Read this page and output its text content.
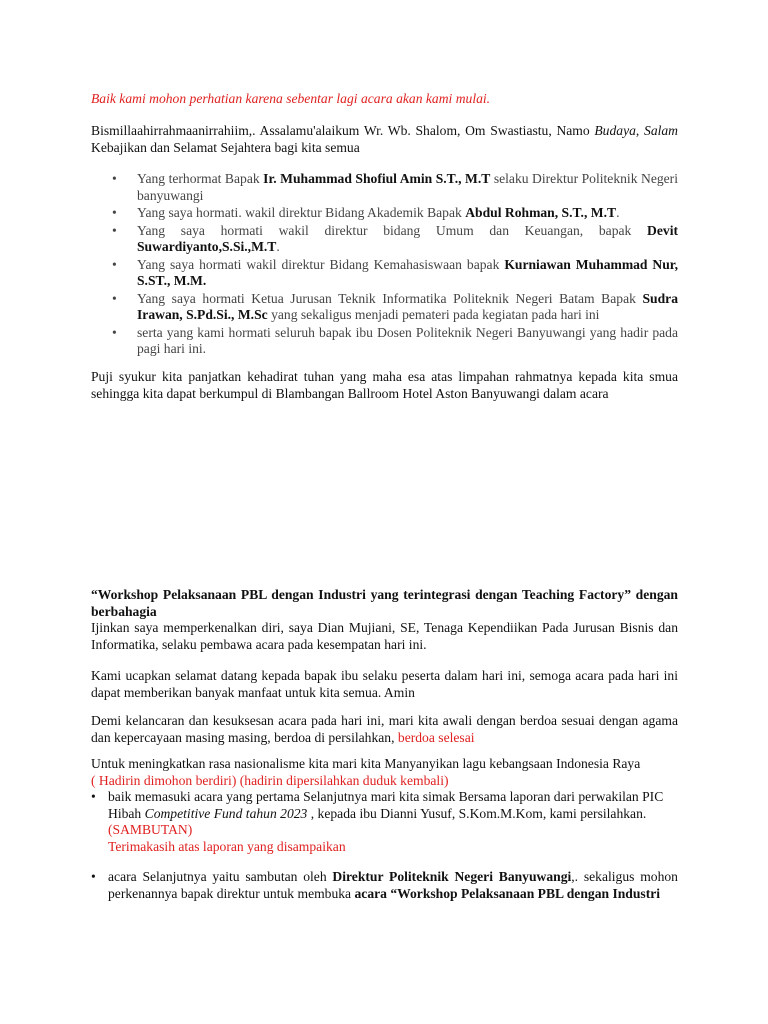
Baik kami mohon perhatian karena sebentar lagi acara akan kami mulai.
Bismillaahirrahmaanirrahiim,. Assalamu'alaikum Wr. Wb. Shalom, Om Swastiastu, Namo Budaya, Salam Kebajikan dan Selamat Sejahtera bagi kita semua
• Yang terhormat Bapak Ir. Muhammad Shofiul Amin S.T., M.T selaku Direktur Politeknik Negeri banyuwangi
• Yang saya hormati. wakil direktur Bidang Akademik Bapak Abdul Rohman, S.T., M.T.
• Yang saya hormati wakil direktur bidang Umum dan Keuangan, bapak Devit Suwardiyanto,S.Si.,M.T.
• Yang saya hormati wakil direktur Bidang Kemahasiswaan bapak Kurniawan Muhammad Nur, S.ST., M.M.
• Yang saya hormati Ketua Jurusan Teknik Informatika Politeknik Negeri Batam Bapak Sudra Irawan, S.Pd.Si., M.Sc yang sekaligus menjadi pemateri pada kegiatan pada hari ini
• serta yang kami hormati seluruh bapak ibu Dosen Politeknik Negeri Banyuwangi yang hadir pada pagi hari ini.
Puji syukur kita panjatkan kehadirat tuhan yang maha esa atas limpahan rahmatnya kepada kita smua sehingga kita dapat berkumpul di Blambangan Ballroom Hotel Aston Banyuwangi dalam acara
“Workshop Pelaksanaan PBL dengan Industri yang terintegrasi dengan Teaching Factory” dengan berbahagia
Ijinkan saya memperkenalkan diri, saya Dian Mujiani, SE, Tenaga Kependiikan Pada Jurusan Bisnis dan Informatika, selaku pembawa acara pada kesempatan hari ini.
Kami ucapkan selamat datang kepada bapak ibu selaku peserta dalam hari ini, semoga acara pada hari ini dapat memberikan banyak manfaat untuk kita semua. Amin
Demi kelancaran dan kesuksesan acara pada hari ini, mari kita awali dengan berdoa sesuai dengan agama dan kepercayaan masing masing, berdoa di persilahkan, berdoa selesai
Untuk meningkatkan rasa nasionalisme kita mari kita Manyanyikan lagu kebangsaan Indonesia Raya
( Hadirin dimohon berdiri) (hadirin dipersilahkan duduk kembali)
• baik memasuki acara yang pertama Selanjutnya mari kita simak Bersama laporan dari perwakilan PIC
Hibah Competitive Fund tahun 2023 , kepada ibu Dianni Yusuf, S.Kom.M.Kom, kami persilahkan.
(SAMBUTAN)
Terimakasih atas laporan yang disampaikan
• acara Selanjutnya yaitu sambutan oleh Direktur Politeknik Negeri Banyuwangi,. sekaligus mohon perkenannya bapak direktur untuk membuka acara “Workshop Pelaksanaan PBL dengan Industri
